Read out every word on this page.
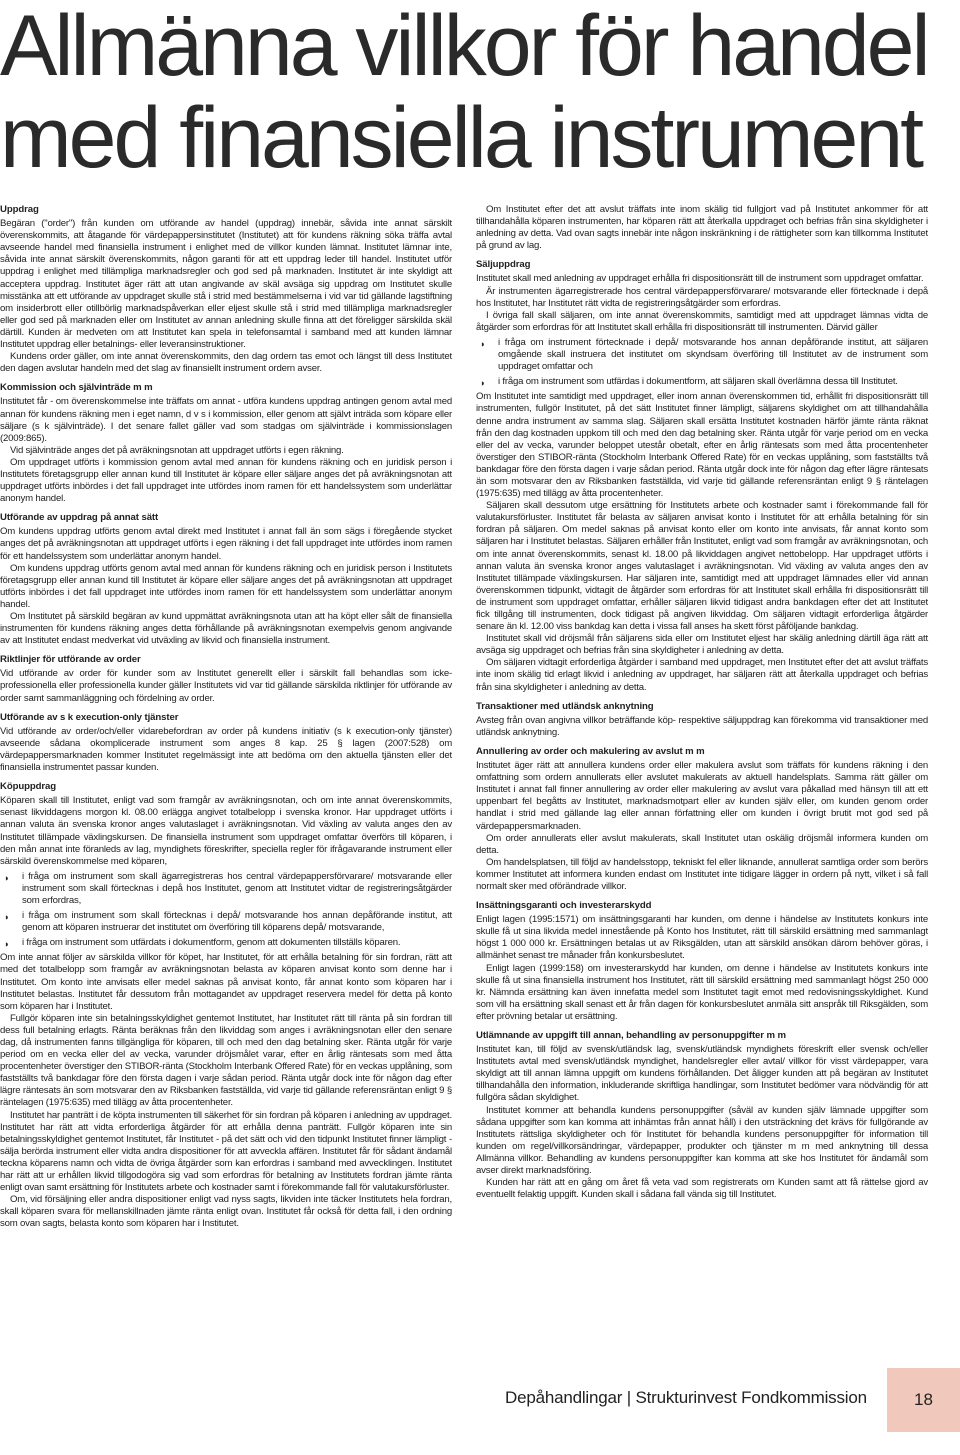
Allmänna villkor för handel
med finansiella instrument
Uppdrag
Begäran ("order") från kunden om utförande av handel (uppdrag) innebär, såvida inte annat särskilt överenskommits, att åtagande för värdepappersinstitutet (Institutet) att för kundens räkning söka träffa avtal avseende handel med finansiella instrument i enlighet med de villkor kunden lämnat. Institutet lämnar inte, såvida inte annat särskilt överenskommits, någon garanti för att ett uppdrag leder till handel. Institutet utför uppdrag i enlighet med tillämpliga marknadsregler och god sed på marknaden. Institutet är inte skyldigt att acceptera uppdrag. Institutet äger rätt att utan angivande av skäl avsäga sig uppdrag om Institutet skulle misstänka att ett utförande av uppdraget skulle stå i strid med bestämmelserna i vid var tid gällande lagstiftning om insiderbrott eller otillbörlig marknadspåverkan eller eljest skulle stå i strid med tillämpliga marknadsregler eller god sed på marknaden eller om Institutet av annan anledning skulle finna att det föreligger särskilda skäl därtill. Kunden är medveten om att Institutet kan spela in telefonsamtal i samband med att kunden lämnar Institutet uppdrag eller betalnings- eller leveransinstruktioner.
Kundens order gäller, om inte annat överenskommits, den dag ordern tas emot och längst till dess Institutet den dagen avslutar handeln med det slag av finansiellt instrument ordern avser.
Kommission och självinträde m m
Institutet får - om överenskommelse inte träffats om annat - utföra kundens uppdrag antingen genom avtal med annan för kundens räkning men i eget namn, d v s i kommission, eller genom att självt inträda som köpare eller säljare (s k självinträde). I det senare fallet gäller vad som stadgas om självinträde i kommissionslagen (2009:865).
Vid självinträde anges det på avräkningsnotan att uppdraget utförts i egen räkning.
Om uppdraget utförts i kommission genom avtal med annan för kundens räkning och en juridisk person i Institutets företagsgrupp eller annan kund till Institutet är köpare eller säljare anges det på avräkningsnotan att uppdraget utförts inbördes i det fall uppdraget inte utfördes inom ramen för ett handelssystem som underlättar anonym handel.
Utförande av uppdrag på annat sätt
Om kundens uppdrag utförts genom avtal direkt med Institutet i annat fall än som sägs i föregående stycket anges det på avräkningsnotan att uppdraget utförts i egen räkning i det fall uppdraget inte utfördes inom ramen för ett handelssystem som underlättar anonym handel.
Om kundens uppdrag utförts genom avtal med annan för kundens räkning och en juridisk person i Institutets företagsgrupp eller annan kund till Institutet är köpare eller säljare anges det på avräkningsnotan att uppdraget utförts inbördes i det fall uppdraget inte utfördes inom ramen för ett handelssystem som underlättar anonym handel.
Om Institutet på särskild begäran av kund uppmättat avräkningsnota utan att ha köpt eller sålt de finansiella instrumenten för kundens räkning anges detta förhållande på avräkningsnotan exempelvis genom angivande av att Institutet endast medverkat vid utväxling av likvid och finansiella instrument.
Riktlinjer för utförande av order
Vid utförande av order för kunder som av Institutet generellt eller i särskilt fall behandlas som icke-professionella eller professionella kunder gäller Institutets vid var tid gällande särskilda riktlinjer för utförande av order samt sammanläggning och fördelning av order.
Utförande av s k execution-only tjänster
Vid utförande av order/och/eller vidarebefordran av order på kundens initiativ (s k execution-only tjänster) avseende sådana okomplicerade instrument som anges 8 kap. 25 § lagen (2007:528) om värdepappersmarknaden kommer Institutet regelmässigt inte att bedöma om den aktuella tjänsten eller det finansiella instrumentet passar kunden.
Köpuppdrag
Köparen skall till Institutet, enligt vad som framgår av avräkningsnotan, och om inte annat överenskommits, senast likviddagens morgon kl. 08.00 erlägga angivet totalbelopp i svenska kronor. Har uppdraget utförts i annan valuta än svenska kronor anges valutaslaget i avräkningsnotan. Vid växling av valuta anges den av Institutet tillämpade växlingskursen. De finansiella instrument som uppdraget omfattar överförs till köparen, i den mån annat inte föranleds av lag, myndighets föreskrifter, speciella regler för ifrågavarande instrument eller särskild överenskommelse med köparen,
◗ i fråga om instrument som skall ägarregistreras hos central värdepappersförvarare/ motsvarande eller instrument som skall förtecknas i depå hos Institutet, genom att Institutet vidtar de registreringsåtgärder som erfordras,
◗ i fråga om instrument som skall förtecknas i depå/ motsvarande hos annan depåförande institut, att genom att köparen instruerar det institutet om överföring till köparens depå/ motsvarande,
◗ i fråga om instrument som utfärdats i dokumentform, genom att dokumenten tillställs köparen.
Om inte annat följer av särskilda villkor för köpet, har Institutet, för att erhålla betalning för sin fordran, rätt att med det totalbelopp som framgår av avräkningsnotan belasta av köparen anvisat konto som denne har i Institutet. Om konto inte anvisats eller medel saknas på anvisat konto, får annat konto som köparen har i Institutet belastas. Institutet får dessutom från mottagandet av uppdraget reservera medel för detta på konto som köparen har i Institutet.
Fullgör köparen inte sin betalningsskyldighet gentemot Institutet, har Institutet rätt till ränta på sin fordran till dess full betalning erlagts. Ränta beräknas från den likviddag som anges i avräkningsnotan eller den senare dag, då instrumenten fanns tillgängliga för köparen, till och med den dag betalning sker. Ränta utgår för varje period om en vecka eller del av vecka, varunder dröjsmålet varar, efter en årlig räntesats som med åtta procentenheter överstiger den STIBOR-ränta (Stockholm Interbank Offered Rate) för en veckas upplåning, som fastställts två bankdagar före den första dagen i varje sådan period. Ränta utgår dock inte för någon dag efter lägre räntesats än som motsvarar den av Riksbanken fastställda, vid varje tid gällande referensräntan enligt 9 § räntelagen (1975:635) med tillägg av åtta procentenheter.
Institutet har panträtt i de köpta instrumenten till säkerhet för sin fordran på köparen i anledning av uppdraget. Institutet har rätt att vidta erforderliga åtgärder för att erhålla denna panträtt. Fullgör köparen inte sin betalningsskyldighet gentemot Institutet, får Institutet - på det sätt och vid den tidpunkt Institutet finner lämpligt - sälja berörda instrument eller vidta andra dispositioner för att avveckla affären. Institutet får för sådant ändamål teckna köparens namn och vidta de övriga åtgärder som kan erfordras i samband med avvecklingen. Institutet har rätt att ur erhållen likvid tillgodogöra sig vad som erfordras för betalning av Institutets fordran jämte ränta enligt ovan samt ersättning för Institutets arbete och kostnader samt i förekommande fall för valutakursförluster.
Om, vid försäljning eller andra dispositioner enligt vad nyss sagts, likviden inte täcker Institutets hela fordran, skall köparen svara för mellanskillnaden jämte ränta enligt ovan. Institutet får också för detta fall, i den ordning som ovan sagts, belasta konto som köparen har i Institutet.
Om Institutet efter det att avslut träffats inte inom skälig tid fullgjort vad på Institutet ankommer för att tillhandahålla köparen instrumenten, har köparen rätt att återkalla uppdraget och befrias från sina skyldigheter i anledning av detta. Vad ovan sagts innebär inte någon inskränkning i de rättigheter som kan tillkomma Institutet på grund av lag.
Säljuppdrag
Institutet skall med anledning av uppdraget erhålla fri dispositionsrätt till de instrument som uppdraget omfattar.
Är instrumenten ägarregistrerade hos central värdepappersförvarare/ motsvarande eller förtecknade i depå hos Institutet, har Institutet rätt vidta de registreringsåtgärder som erfordras.
I övriga fall skall säljaren, om inte annat överenskommits, samtidigt med att uppdraget lämnas vidta de åtgärder som erfordras för att Institutet skall erhålla fri dispositionsrätt till instrumenten. Därvid gäller
◗ i fråga om instrument förtecknade i depå/ motsvarande hos annan depåförande institut, att säljaren omgående skall instruera det institutet om skyndsam överföring till Institutet av de instrument som uppdraget omfattar och
◗ i fråga om instrument som utfärdas i dokumentform, att säljaren skall överlämna dessa till Institutet.
Om Institutet inte samtidigt med uppdraget, eller inom annan överenskommen tid, erhållit fri dispositionsrätt till instrumenten, fullgör Institutet, på det sätt Institutet finner lämpligt, säljarens skyldighet om att tillhandahålla denne andra instrument av samma slag. Säljaren skall ersätta Institutet kostnaden härför jämte ränta räknat från den dag kostnaden uppkom till och med den dag betalning sker. Ränta utgår för varje period om en vecka eller del av vecka, varunder beloppet utestår obetalt, efter en årlig räntesats som med åtta procentenheter överstiger den STIBOR-ränta (Stockholm Interbank Offered Rate) för en veckas upplåning, som fastställts två bankdagar före den första dagen i varje sådan period. Ränta utgår dock inte för någon dag efter lägre räntesats än som motsvarar den av Riksbanken fastställda, vid varje tid gällande referensräntan enligt 9 § räntelagen (1975:635) med tillägg av åtta procentenheter.
Säljaren skall dessutom utge ersättning för Institutets arbete och kostnader samt i förekommande fall för valutakursförluster. Institutet får belasta av säljaren anvisat konto i Institutet för att erhålla betalning för sin fordran på säljaren. Om medel saknas på anvisat konto eller om konto inte anvisats, får annat konto som säljaren har i Institutet belastas. Säljaren erhåller från Institutet, enligt vad som framgår av avräkningsnotan, och om inte annat överenskommits, senast kl. 18.00 på likviddagen angivet nettobelopp. Har uppdraget utförts i annan valuta än svenska kronor anges valutaslaget i avräkningsnotan. Vid växling av valuta anges den av Institutet tillämpade växlingskursen. Har säljaren inte, samtidigt med att uppdraget lämnades eller vid annan överenskommen tidpunkt, vidtagit de åtgärder som erfordras för att Institutet skall erhålla fri dispositionsrätt till de instrument som uppdraget omfattar, erhåller säljaren likvid tidigast andra bankdagen efter det att Institutet fick tillgång till instrumenten, dock tidigast på angiven likviddag. Om säljaren vidtagit erforderliga åtgärder senare än kl. 12.00 viss bankdag kan detta i vissa fall anses ha skett först påföljande bankdag.
Institutet skall vid dröjsmål från säljarens sida eller om Institutet eljest har skälig anledning därtill äga rätt att avsäga sig uppdraget och befrias från sina skyldigheter i anledning av detta.
Om säljaren vidtagit erforderliga åtgärder i samband med uppdraget, men Institutet efter det att avslut träffats inte inom skälig tid erlagt likvid i anledning av uppdraget, har säljaren rätt att återkalla uppdraget och befrias från sina skyldigheter i anledning av detta.
Transaktioner med utländsk anknytning
Avsteg från ovan angivna villkor beträffande köp- respektive säljuppdrag kan förekomma vid transaktioner med utländsk anknytning.
Annullering av order och makulering av avslut m m
Institutet äger rätt att annullera kundens order eller makulera avslut som träffats för kundens räkning i den omfattning som ordern annullerats eller avslutet makulerats av aktuell handelsplats. Samma rätt gäller om Institutet i annat fall finner annullering av order eller makulering av avslut vara påkallad med hänsyn till att ett uppenbart fel begåtts av Institutet, marknadsmotpart eller av kunden själv eller, om kunden genom order handlat i strid med gällande lag eller annan författning eller om kunden i övrigt brutit mot god sed på värdepappersmarknaden.
Om order annullerats eller avslut makulerats, skall Institutet utan oskälig dröjsmål informera kunden om detta.
Om handelsplatsen, till följd av handelsstopp, tekniskt fel eller liknande, annullerat samtliga order som berörs kommer Institutet att informera kunden endast om Institutet inte tidigare lägger in ordern på nytt, vilket i så fall normalt sker med oförändrade villkor.
Insättningsgaranti och investerarskydd
Enligt lagen (1995:1571) om insättningsgaranti har kunden, om denne i händelse av Institutets konkurs inte skulle få ut sina likvida medel innestående på Konto hos Institutet, rätt till särskild ersättning med sammanlagt högst 1 000 000 kr. Ersättningen betalas ut av Riksgälden, utan att särskild ansökan därom behöver göras, i allmänhet senast tre månader från konkursbeslutet.
Enligt lagen (1999:158) om investerarskydd har kunden, om denne i händelse av Institutets konkurs inte skulle få ut sina finansiella instrument hos Institutet, rätt till särskild ersättning med sammanlagt högst 250 000 kr. Nämnda ersättning kan även innefatta medel som Institutet tagit emot med redovisningsskyldighet. Kund som vill ha ersättning skall senast ett år från dagen för konkursbeslutet anmäla sitt anspråk till Riksgälden, som efter prövning betalar ut ersättning.
Utlämnande av uppgift till annan, behandling av personuppgifter m m
Institutet kan, till följd av svensk/utländsk lag, svensk/utländsk myndighets föreskrift eller svensk och/eller Institutets avtal med svensk/utländsk myndighet, handelsregler eller avtal/ villkor för visst värdepapper, vara skyldigt att till annan lämna uppgift om kundens förhållanden. Det åligger kunden att på begäran av Institutet tillhandahålla den information, inkluderande skriftliga handlingar, som Institutet bedömer vara nödvändig för att fullgöra sådan skyldighet.
Institutet kommer att behandla kundens personuppgifter (såväl av kunden själv lämnade uppgifter som sådana uppgifter som kan komma att inhämtas från annat håll) i den utsträckning det krävs för fullgörande av Institutets rättsliga skyldigheter och för Institutet för behandla kundens personuppgifter för information till kunden om regel/villkorsändringar, värdepapper, produkter och tjänster m m med anknytning till dessa Allmänna villkor. Behandling av kundens personuppgifter kan komma att ske hos Institutet för ändamål som avser direkt marknadsföring.
Kunden har rätt att en gång om året få veta vad som registrerats om Kunden samt att få rättelse gjord av eventuellt felaktig uppgift. Kunden skall i sådana fall vända sig till Institutet.
Depåhandlingar | Strukturinvest Fondkommission	18
